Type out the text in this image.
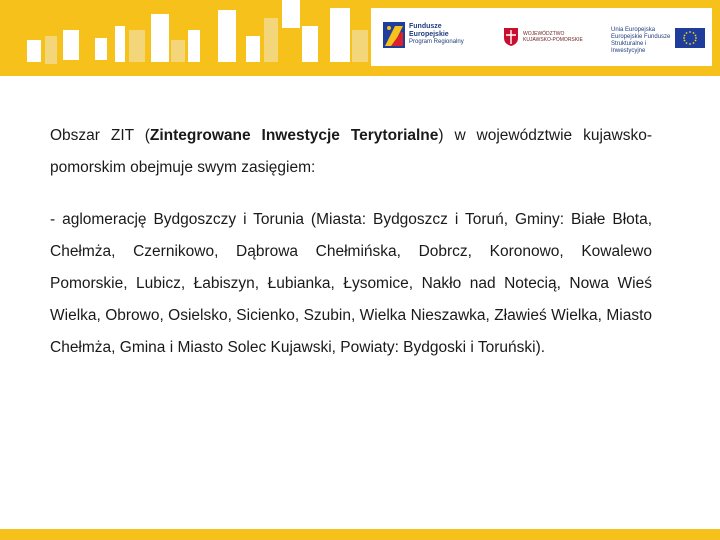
Fundusze
Europejskie
Program Regionalny
WOJEWÓDZTWO
KUJAWSKO-POMORSKIE
Unia Europejska
Europejskie Fundusze
Strukturalne i Inwestycyjne

Obszar ZIT (Zintegrowane Inwestycje Terytorialne) w województwie kujawsko-pomorskim obejmuje swym zasięgiem:

- aglomerację Bydgoszczy i Torunia (Miasta: Bydgoszcz i Toruń, Gminy: Białe Błota, Chełmża, Czernikowo, Dąbrowa Chełmińska, Dobrcz, Koronowo, Kowalewo Pomorskie, Lubicz, Łabiszyn, Łubianka, Łysomice, Nakło nad Notecią, Nowa Wieś Wielka, Obrowo, Osielsko, Sicienko, Szubin, Wielka Nieszawka, Zławieś Wielka, Miasto Chełmża, Gmina i Miasto Solec Kujawski, Powiaty: Bydgoski i Toruński).
